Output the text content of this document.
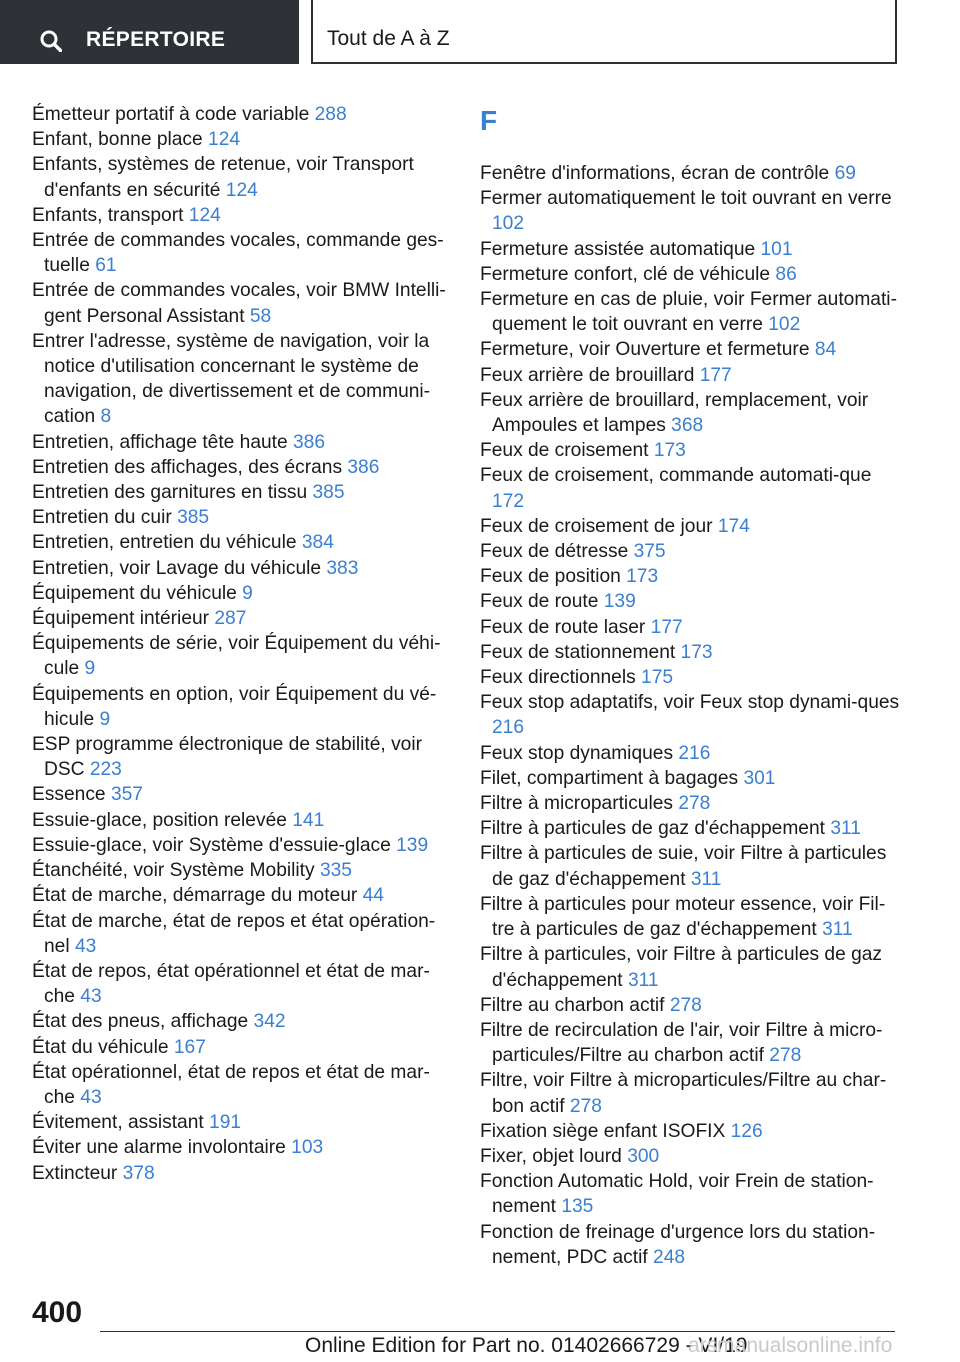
RÉPERTOIRE	Tout de A à Z
Émetteur portatif à code variable 288
Enfant, bonne place 124
Enfants, systèmes de retenue, voir Transport d'enfants en sécurité 124
Enfants, transport 124
Entrée de commandes vocales, commande ges-tuelle 61
Entrée de commandes vocales, voir BMW Intelli-gent Personal Assistant 58
Entrer l'adresse, système de navigation, voir la notice d'utilisation concernant le système de navigation, de divertissement et de communi-cation 8
Entretien, affichage tête haute 386
Entretien des affichages, des écrans 386
Entretien des garnitures en tissu 385
Entretien du cuir 385
Entretien, entretien du véhicule 384
Entretien, voir Lavage du véhicule 383
Équipement du véhicule 9
Équipement intérieur 287
Équipements de série, voir Équipement du véhi-cule 9
Équipements en option, voir Équipement du vé-hicule 9
ESP programme électronique de stabilité, voir DSC 223
Essence 357
Essuie-glace, position relevée 141
Essuie-glace, voir Système d'essuie-glace 139
Étanchéité, voir Système Mobility 335
État de marche, démarrage du moteur 44
État de marche, état de repos et état opération-nel 43
État de repos, état opérationnel et état de mar-che 43
État des pneus, affichage 342
État du véhicule 167
État opérationnel, état de repos et état de mar-che 43
Évitement, assistant 191
Éviter une alarme involontaire 103
Extincteur 378
F
Fenêtre d'informations, écran de contrôle 69
Fermer automatiquement le toit ouvrant en verre 102
Fermeture assistée automatique 101
Fermeture confort, clé de véhicule 86
Fermeture en cas de pluie, voir Fermer automati-quement le toit ouvrant en verre 102
Fermeture, voir Ouverture et fermeture 84
Feux arrière de brouillard 177
Feux arrière de brouillard, remplacement, voir Ampoules et lampes 368
Feux de croisement 173
Feux de croisement, commande automati-que 172
Feux de croisement de jour 174
Feux de détresse 375
Feux de position 173
Feux de route 139
Feux de route laser 177
Feux de stationnement 173
Feux directionnels 175
Feux stop adaptatifs, voir Feux stop dynami-ques 216
Feux stop dynamiques 216
Filet, compartiment à bagages 301
Filtre à microparticules 278
Filtre à particules de gaz d'échappement 311
Filtre à particules de suie, voir Filtre à particules de gaz d'échappement 311
Filtre à particules pour moteur essence, voir Fil-tre à particules de gaz d'échappement 311
Filtre à particules, voir Filtre à particules de gaz d'échappement 311
Filtre au charbon actif 278
Filtre de recirculation de l'air, voir Filtre à micro-particules/Filtre au charbon actif 278
Filtre, voir Filtre à microparticules/Filtre au char-bon actif 278
Fixation siège enfant ISOFIX 126
Fixer, objet lourd 300
Fonction Automatic Hold, voir Frein de station-nement 135
Fonction de freinage d'urgence lors du station-nement, PDC actif 248
400
Online Edition for Part no. 01402666729 - VI/19
arsmanualsonline.info
